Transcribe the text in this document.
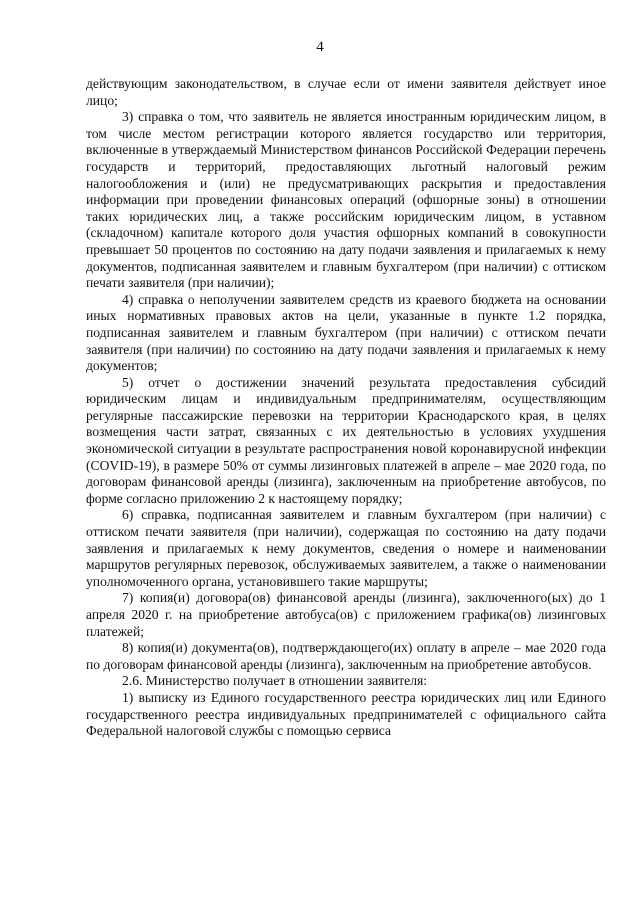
4

действующим законодательством, в случае если от имени заявителя действует иное лицо;

3) справка о том, что заявитель не является иностранным юридическим лицом, в том числе местом регистрации которого является государство или территория, включенные в утверждаемый Министерством финансов Российской Федерации перечень государств и территорий, предоставляющих льготный налоговый режим налогообложения и (или) не предусматривающих раскрытия и предоставления информации при проведении финансовых операций (офшорные зоны) в отношении таких юридических лиц, а также российским юридическим лицом, в уставном (складочном) капитале которого доля участия офшорных компаний в совокупности превышает 50 процентов по состоянию на дату подачи заявления и прилагаемых к нему документов, подписанная заявителем и главным бухгалтером (при наличии) с оттиском печати заявителя (при наличии);

4) справка о неполучении заявителем средств из краевого бюджета на основании иных нормативных правовых актов на цели, указанные в пункте 1.2 порядка, подписанная заявителем и главным бухгалтером (при наличии) с оттиском печати заявителя (при наличии) по состоянию на дату подачи заявления и прилагаемых к нему документов;

5) отчет о достижении значений результата предоставления субсидий юридическим лицам и индивидуальным предпринимателям, осуществляющим регулярные пассажирские перевозки на территории Краснодарского края, в целях возмещения части затрат, связанных с их деятельностью в условиях ухудшения экономической ситуации в результате распространения новой коронавирусной инфекции (COVID-19), в размере 50% от суммы лизинговых платежей в апреле – мае 2020 года, по договорам финансовой аренды (лизинга), заключенным на приобретение автобусов, по форме согласно приложению 2 к настоящему порядку;

6) справка, подписанная заявителем и главным бухгалтером (при наличии) с оттиском печати заявителя (при наличии), содержащая по состоянию на дату подачи заявления и прилагаемых к нему документов, сведения о номере и наименовании маршрутов регулярных перевозок, обслуживаемых заявителем, а также о наименовании уполномоченного органа, установившего такие маршруты;

7) копия(и) договора(ов) финансовой аренды (лизинга), заключенного(ых) до 1 апреля 2020 г. на приобретение автобуса(ов) с приложением графика(ов) лизинговых платежей;

8) копия(и) документа(ов), подтверждающего(их) оплату в апреле – мае 2020 года по договорам финансовой аренды (лизинга), заключенным на приобретение автобусов.

2.6. Министерство получает в отношении заявителя:

1) выписку из Единого государственного реестра юридических лиц или Единого государственного реестра индивидуальных предпринимателей с официального сайта Федеральной налоговой службы с помощью сервиса
